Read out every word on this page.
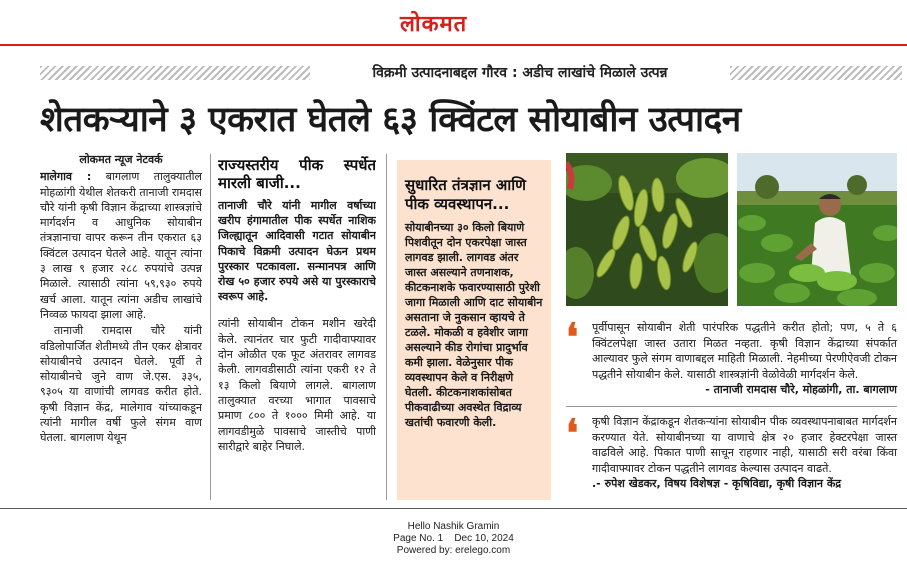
लोकमत
विक्रमी उत्पादनाबद्दल गौरव : अडीच लाखांचे मिळाले उत्पन्न
शेतकऱ्याने ३ एकरात घेतले ६३ क्विंटल सोयाबीन उत्पादन
लोकमत न्यूज नेटवर्क

मालेगाव : बागलाण तालुक्यातील मोहळांगी येथील शेतकरी तानाजी रामदास चौरे यांनी कृषी विज्ञान केंद्राच्या शास्त्रज्ञांचे मार्गदर्शन व आधुनिक सोयाबीन तंत्रज्ञानाचा वापर करून तीन एकरात ६३ क्विंटल उत्पादन घेतले आहे. यातून त्यांना ३ लाख ९ हजार २८८ रुपयांचे उत्पन्न मिळाले. त्यासाठी त्यांना ५९,९३० रुपये खर्च आला. यातून त्यांना अडीच लाखांचे निव्वळ फायदा झाला आहे.

तानाजी रामदास चौरे यांनी वडिलोपार्जित शेतीमध्ये तीन एकर क्षेत्रावर सोयाबीनचे उत्पादन घेतले. पूर्वी ते सोयाबीनचे जुने वाण जे.एस. ३३५, ९३०५ या वाणांची लागवड करीत होते. कृषी विज्ञान केंद्र, मालेगाव यांच्याकडून त्यांनी मागील वर्षी फुले संगम वाण घेतला. बागलाण येथून

राज्यस्तरीय पीक स्पर्धेत मारली बाजी...

तानाजी चौरे यांनी मागील वर्षाच्या खरीप हंगामातील पीक स्पर्धेत नाशिक जिल्ह्यातून आदिवासी गटात सोयाबीन पिकाचे विक्रमी उत्पादन घेऊन प्रथम पुरस्कार पटकावला. सन्मानपत्र आणि रोख ५० हजार रुपये असे या पुरस्काराचे स्वरूप आहे.

त्यांनी सोयाबीन टोकन मशीन खरेदी केले. त्यानंतर चार फुटी गादीवाफ्यावर दोन ओळीत एक फूट अंतरावर लागवड केली. लागवडीसाठी त्यांना एकरी १२ ते १३ किलो बियाणे लागले. बागलाण तालुक्यात वरच्या भागात पावसाचे प्रमाण ८०० ते १००० मिमी आहे. या लागवडीमुळे पावसाचे जास्तीचे पाणी सारीद्वारे बाहेर निघाले.

सुधारित तंत्रज्ञान आणि पीक व्यवस्थापन...
सोयाबीनच्या ३० किलो बियाणे पिशवीतून दोन एकरपेक्षा जास्त लागवड झाली. लागवड अंतर जास्त असल्याने तणनाशक, कीटकनाशके फवारण्यासाठी पुरेशी जागा मिळाली आणि दाट सोयाबीन असताना जे नुकसान व्हायचे ते टळले. मोकळी व हवेशीर जागा असल्याने कीड रोगांचा प्रादुर्भाव कमी झाला. वेळेनुसार पीक व्यवस्थापन केले व निरीक्षणे घेतली. कीटकनाशकांसोबत पीकवाढीच्या अवस्थेत विद्राव्य खतांची फवारणी केली.
❛ पूर्वीपासून सोयाबीन शेती पारंपरिक पद्धतीने करीत होतो; पण, ५ ते ६ क्विंटलपेक्षा जास्त उतारा मिळत नव्हता. कृषी विज्ञान केंद्राच्या संपर्कात आल्यावर फुले संगम वाणाबद्दल माहिती मिळाली. नेहमीच्या पेरणीऐवजी टोकन पद्धतीने सोयाबीन केले. यासाठी शास्त्रज्ञांनी वेळोवेळी मार्गदर्शन केले.
- तानाजी रामदास चौरे, मोहळांगी, ता. बागलाण
❛ कृषी विज्ञान केंद्राकडून शेतकऱ्यांना सोयाबीन पीक व्यवस्थापनाबाबत मार्गदर्शन करण्यात येते. सोयाबीनच्या या वाणाचे क्षेत्र २० हजार हेक्टरपेक्षा जास्त वाढविले आहे. पिकात पाणी साचून राहणार नाही, यासाठी सरी वरंबा किंवा गादीवाफ्यावर टोकन पद्धतीने लागवड केल्यास उत्पादन वाढते.
.- रुपेश खेडकर, विषय विशेषज्ञ - कृषिविद्या, कृषी विज्ञान केंद्र
Hello Nashik Gramin
Page No. 1    Dec 10, 2024
Powered by: erelego.com
